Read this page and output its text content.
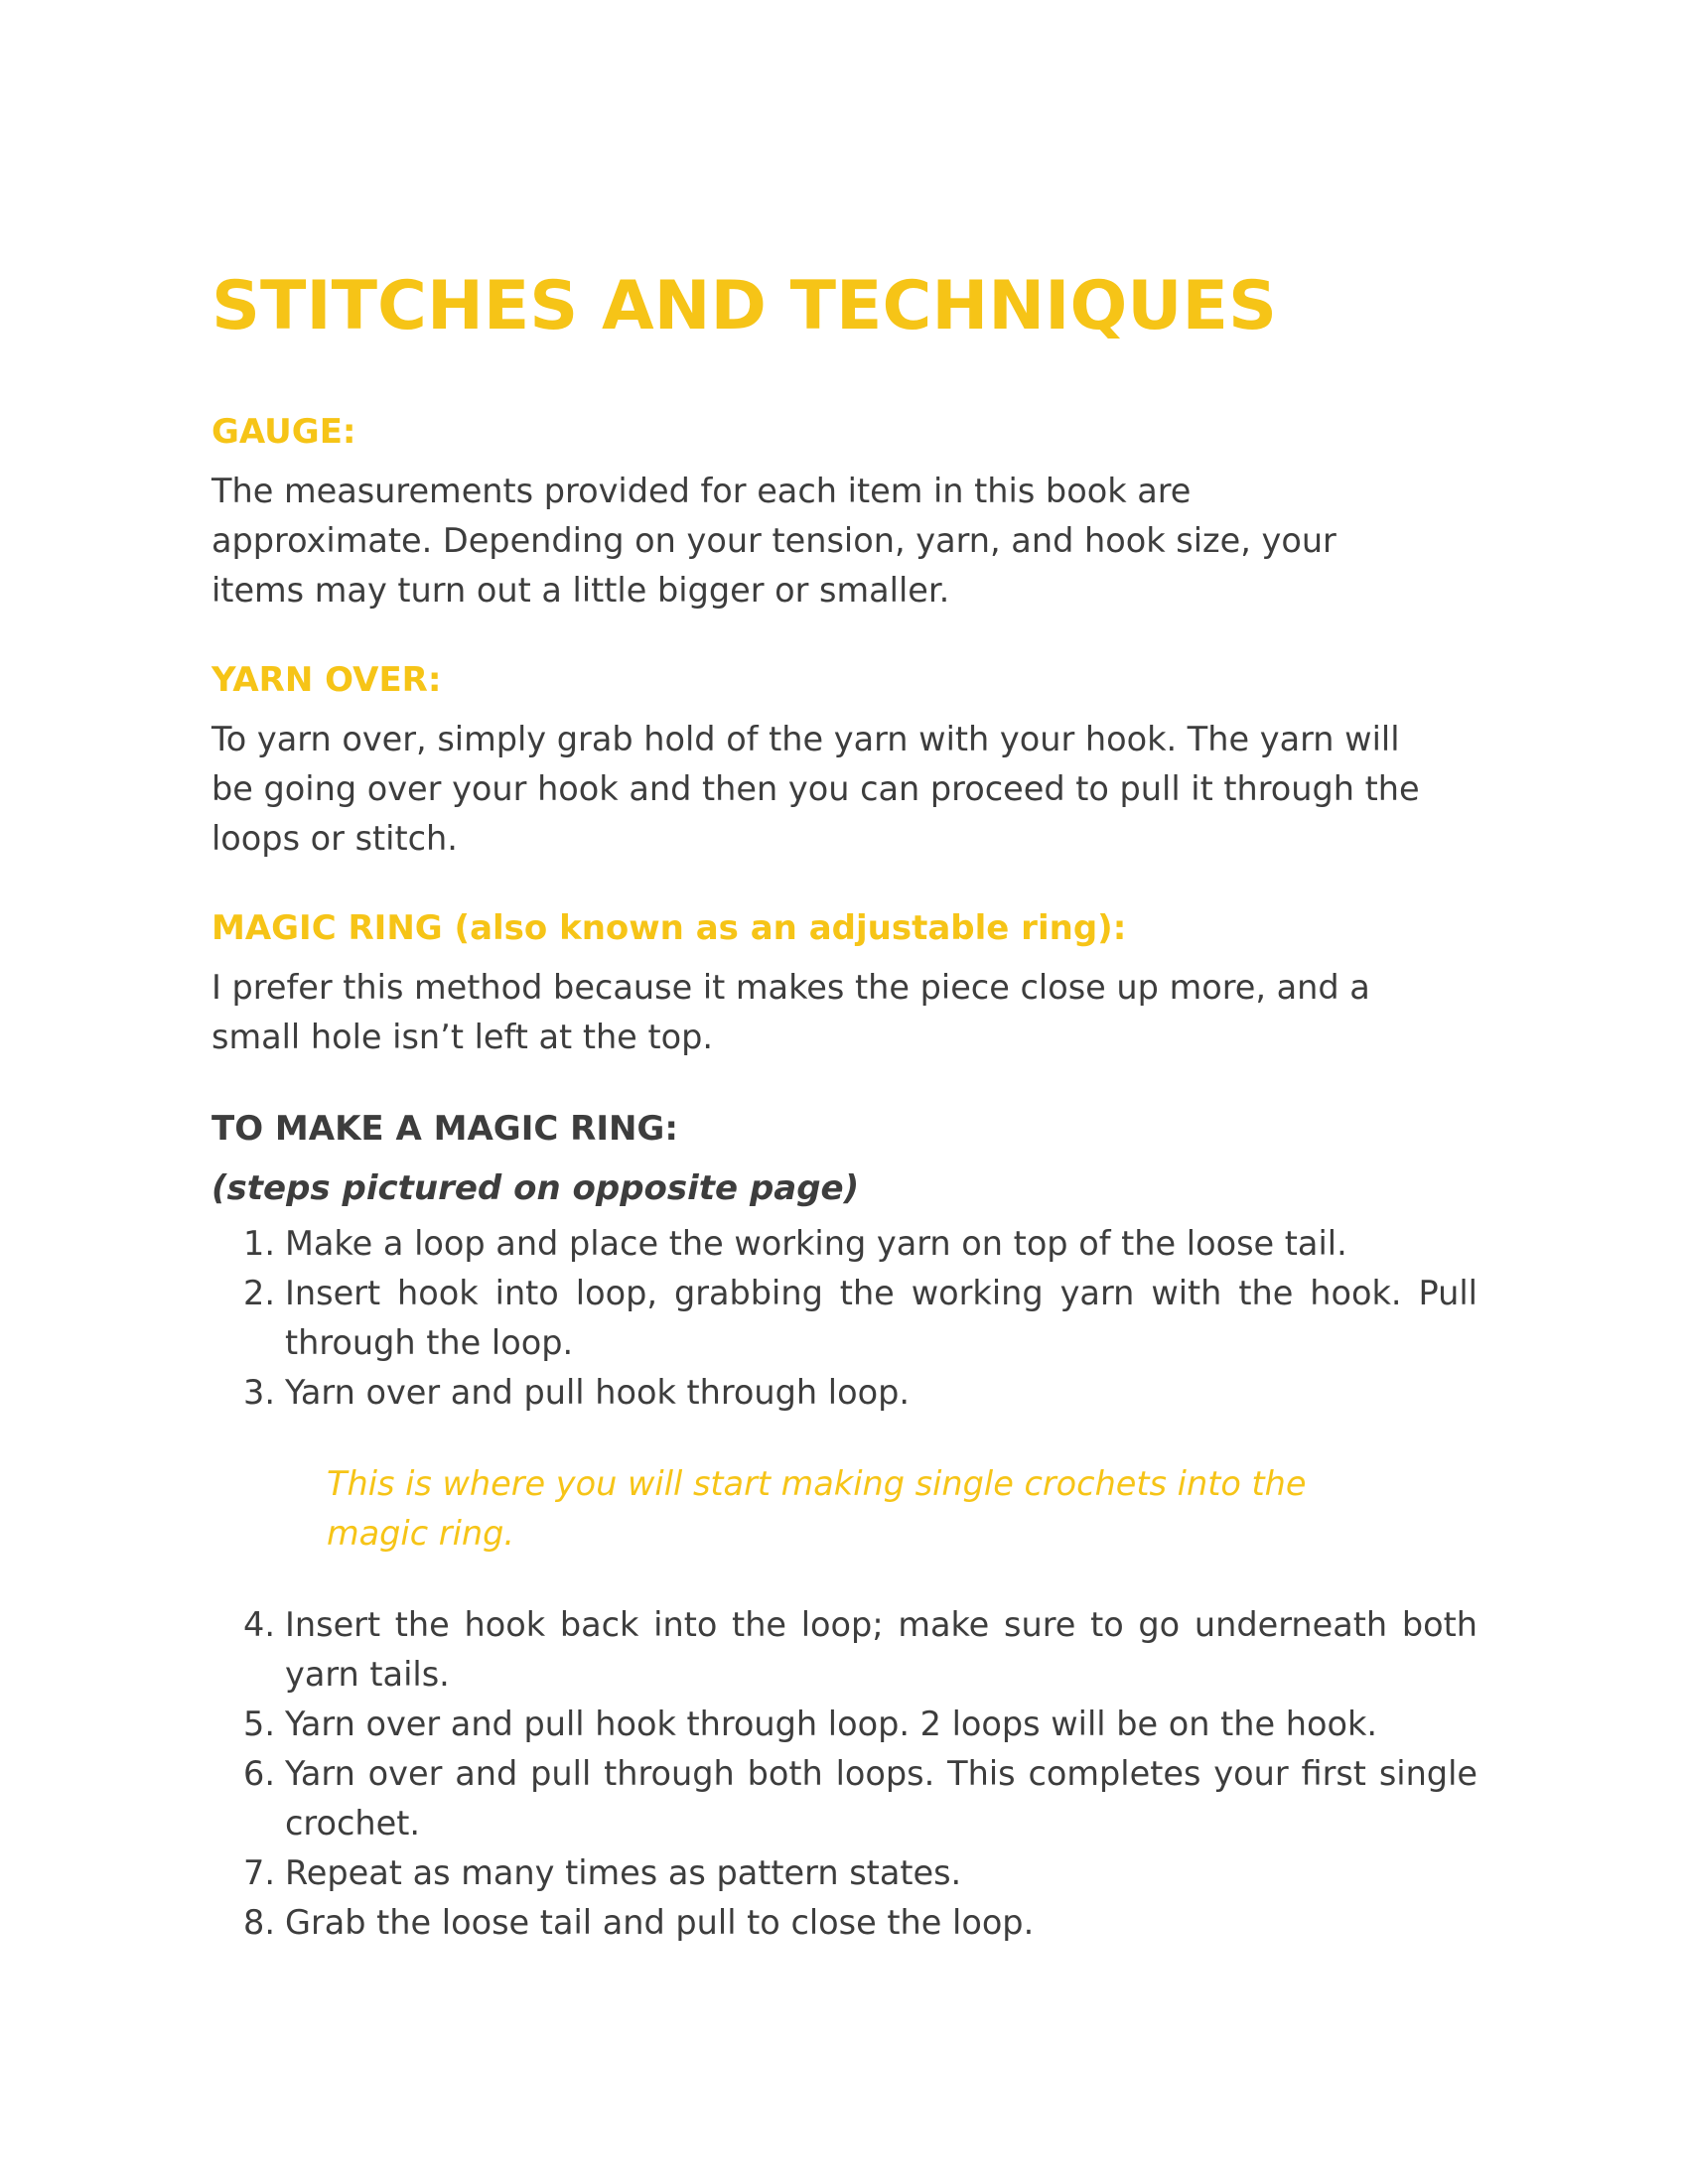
STITCHES AND TECHNIQUES
GAUGE:

The measurements provided for each item in this book are
approximate. Depending on your tension, yarn, and hook size, your
items may turn out a little bigger or smaller.

YARN OVER:

To yarn over, simply grab hold of the yarn with your hook. The yarn will
be going over your hook and then you can proceed to pull it through the
loops or stitch.

MAGIC RING (also known as an adjustable ring):

I prefer this method because it makes the piece close up more, and a
small hole isn’t left at the top.

TO MAKE A MAGIC RING:

(steps pictured on opposite page)

1. Make a loop and place the working yarn on top of the loose tail.
2. Insert hook into loop, grabbing the working yarn with the hook. Pull through the loop.
3. Yarn over and pull hook through loop.

This is where you will start making single crochets into the
magic ring.

4. Insert the hook back into the loop; make sure to go underneath both yarn tails.
5. Yarn over and pull hook through loop. 2 loops will be on the hook.
6. Yarn over and pull through both loops. This completes your first single crochet.
7. Repeat as many times as pattern states.
8. Grab the loose tail and pull to close the loop.
